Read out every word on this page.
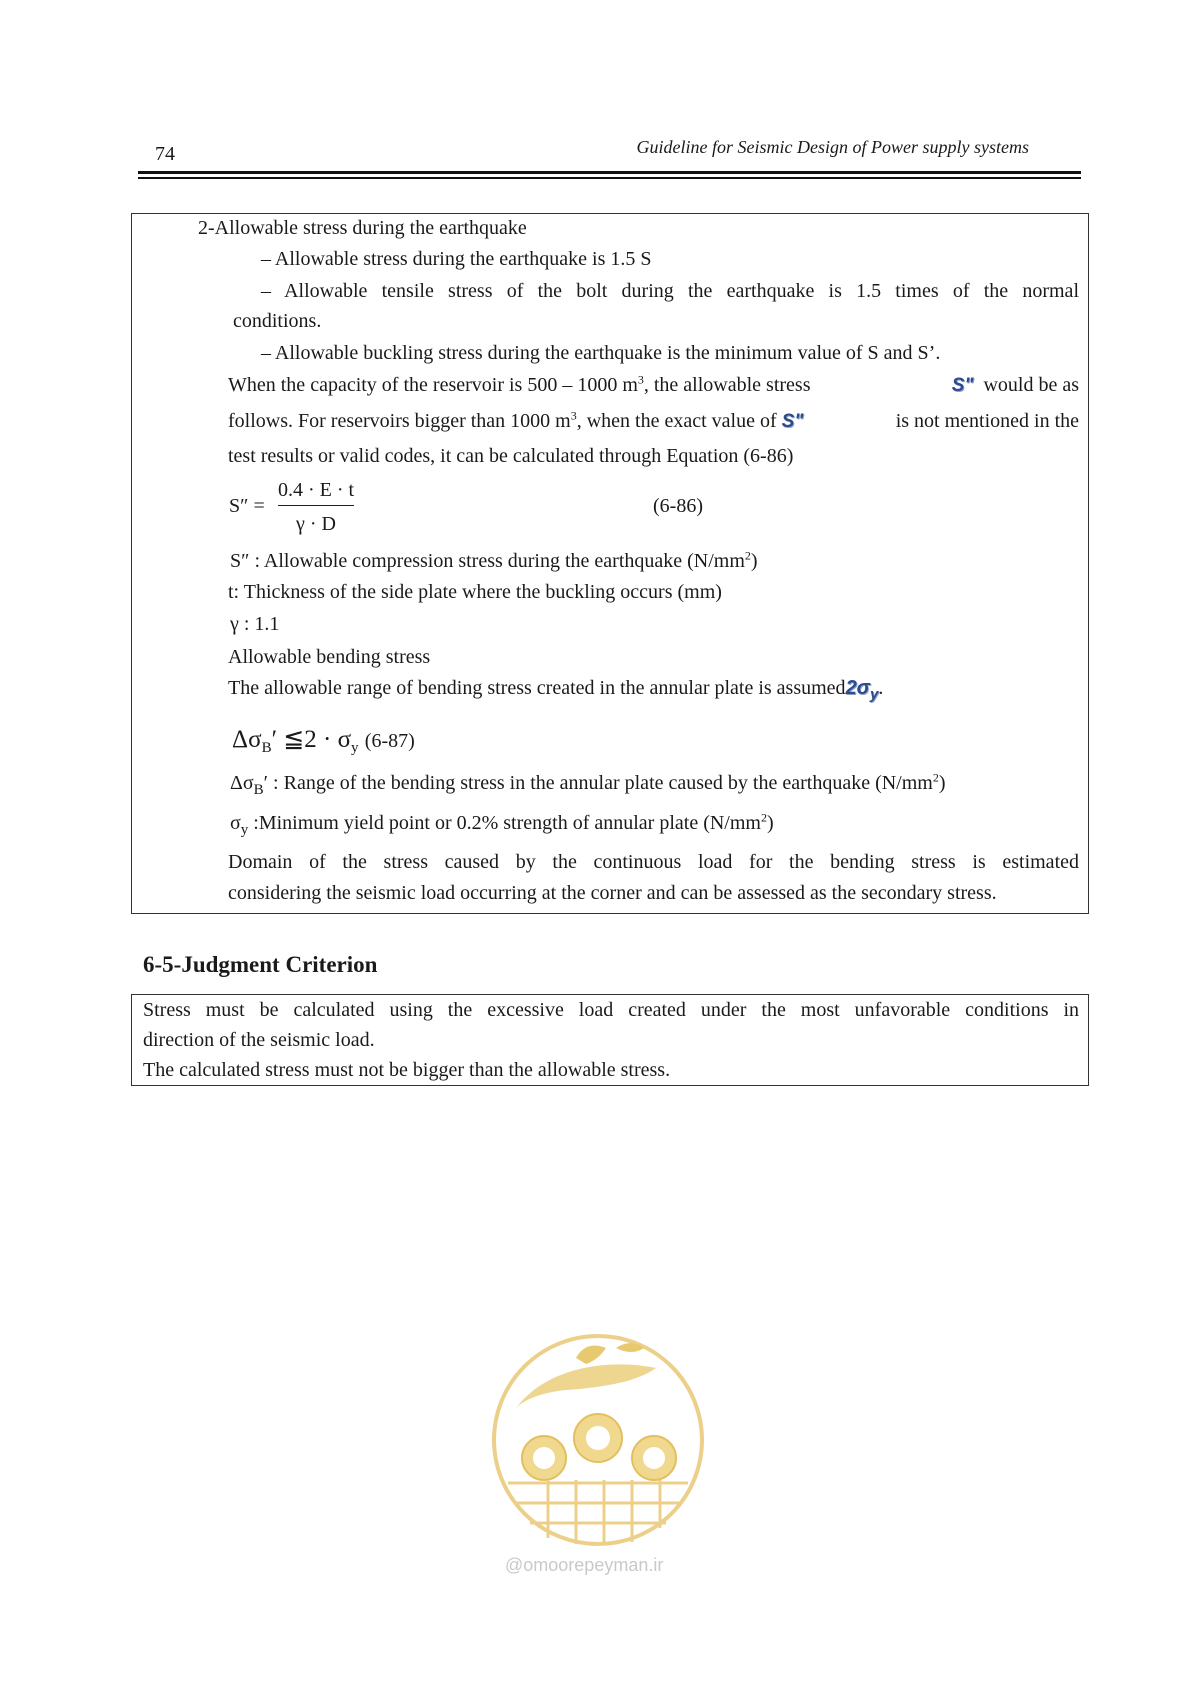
74	Guideline for Seismic Design of Power supply systems
2-Allowable stress during the earthquake
– Allowable stress during the earthquake is 1.5 S
– Allowable tensile stress of the bolt during the earthquake is 1.5 times of the normal
conditions.
– Allowable buckling stress during the earthquake is the minimum value of S and S’.
When the capacity of the reservoir is 500 – 1000 $m^3$, the allowable stress	S" would be as
follows. For reservoirs bigger than 1000 $m^3$, when the exact value of S"	is not mentioned in the
test results or valid codes, it can be calculated through Equation (6-86)
S″ =
0.4 · E · t
γ · D
(6-86)
S″ : Allowable compression stress during the earthquake $(N/mm^2)$
t: Thickness of the side plate where the buckling occurs (mm)
γ : 1.1
Allowable bending stress
The allowable range of bending stress created in the annular plate is $assumed2\sigma_y$.
$\Delta\sigma_B'$ ≦2 · $\sigma_y$ (6-87)
$\Delta\sigma_B'$ : Range of the bending stress in the annular plate caused by the earthquake $(N/mm^2)$
$\sigma_y$ :Minimum yield point or 0.2% strength of annular plate $(N/mm^2)$
Domain of the stress caused by the continuous load for the bending stress is estimated
considering the seismic load occurring at the corner and can be assessed as the secondary stress.
6-5-Judgment Criterion
Stress must be calculated using the excessive load created under the most unfavorable conditions in
direction of the seismic load.
The calculated stress must not be bigger than the allowable stress.
@omoorepeyman.ir
